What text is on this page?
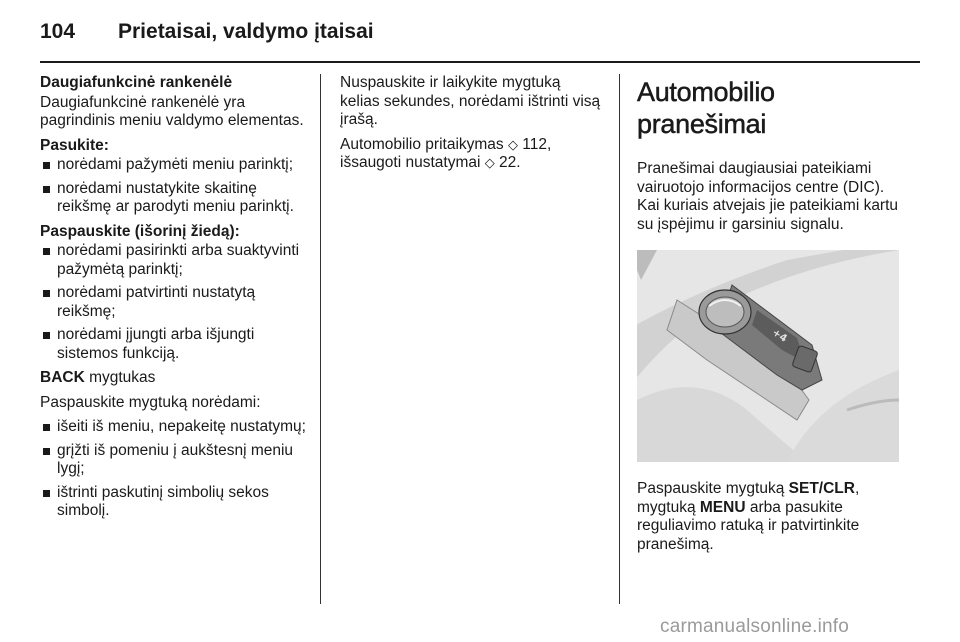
104	Prietaisai, valdymo įtaisai

Daugiafunkcinė rankenėlė

Daugiafunkcinė rankenėlė yra pagrindinis meniu valdymo elementas.

Pasukite:

norėdami pažymėti meniu parinktį;
norėdami nustatykite skaitinę reikšmę ar parodyti meniu parinktį.

Paspauskite (išorinį žiedą):

norėdami pasirinkti arba suaktyvinti pažymėtą parinktį;
norėdami patvirtinti nustatytą reikšmę;
norėdami įjungti arba išjungti sistemos funkciją.

BACK mygtukas

Paspauskite mygtuką norėdami:

išeiti iš meniu, nepakeitę nustatymų;
grįžti iš pomeniu į aukštesnį meniu lygį;
ištrinti paskutinį simbolių sekos simbolį.

Nuspauskite ir laikykite mygtuką kelias sekundes, norėdami ištrinti visą įrašą.

Automobilio pritaikymas ◇ 112,
išsaugoti nustatymai ◇ 22.

Automobilio pranešimai

Pranešimai daugiausiai pateikiami vairuotojo informacijos centre (DIC). Kai kuriais atvejais jie pateikiami kartu su įspėjimu ir garsiniu signalu.

+4

Paspauskite mygtuką SET/CLR, mygtuką MENU arba pasukite reguliavimo ratuką ir patvirtinkite pranešimą.

carmanualsonline.info
